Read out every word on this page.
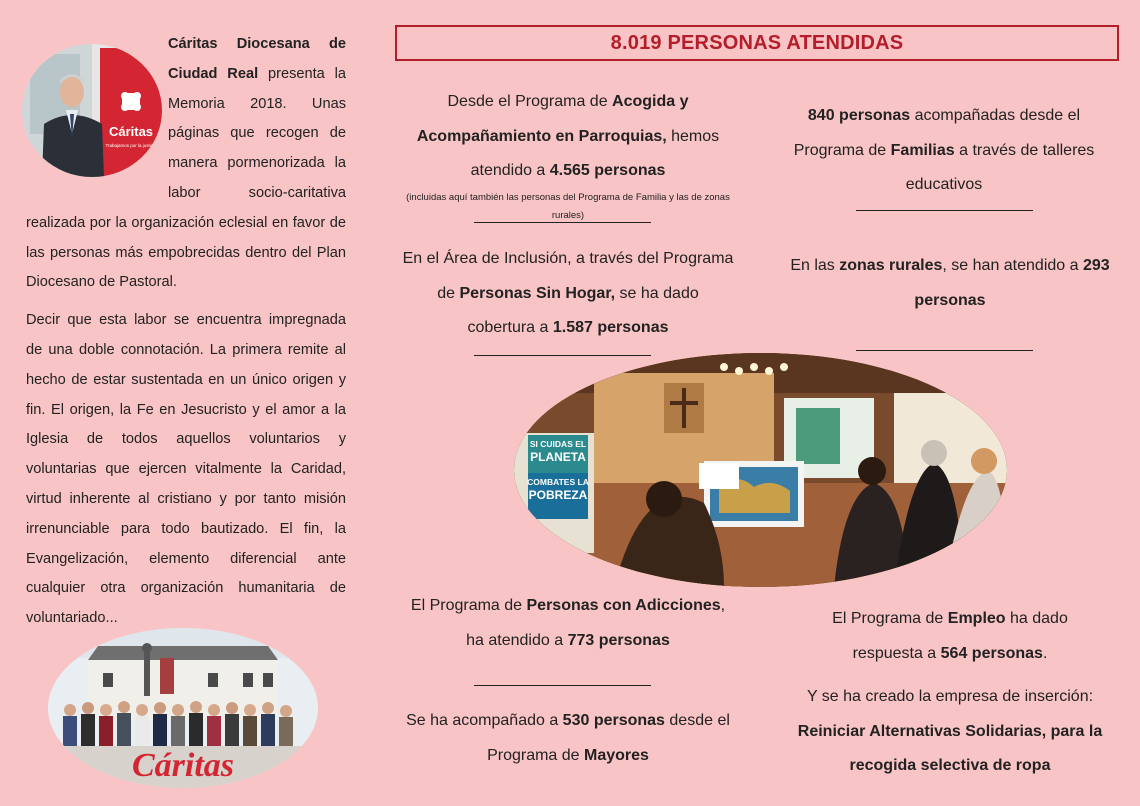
Cáritas
Trabajamos por la justicia

Cáritas Diocesana de Ciudad Real presenta la Memoria 2018. Unas páginas que recogen de manera pormenorizada la labor socio-caritativa realizada por la organización eclesial en favor de las personas más empobrecidas dentro del Plan Diocesano de Pastoral.

Decir que esta labor se encuentra impregnada de una doble connotación. La primera remite al hecho de estar sustentada en un único origen y fin. El origen, la Fe en Jesucristo y el amor a la Iglesia de todos aquellos voluntarios y voluntarias que ejercen vitalmente la Caridad, virtud inherente al cristiano y por tanto misión irrenunciable para todo bautizado. El fin, la Evangelización, elemento diferencial ante cualquier otra organización humanitaria de voluntariado...

Cáritas
8.019 PERSONAS ATENDIDAS
Desde el Programa de Acogida y Acompañamiento en Parroquias, hemos atendido a 4.565 personas
(incluidas aquí también las personas del Programa de Familia y las de zonas rurales)
En el Área de Inclusión, a través del Programa de Personas Sin Hogar, se ha dado cobertura a 1.587 personas
El Programa de Personas con Adicciones, ha atendido a 773 personas
Se ha acompañado a 530 personas desde el Programa de Mayores
840 personas acompañadas desde el Programa de Familias a través de talleres educativos
En las zonas rurales, se han atendido a 293 personas
El Programa de Empleo ha dado respuesta a 564 personas.
Y se ha creado la empresa de inserción: Reiniciar Alternativas Solidarias, para la recogida selectiva de ropa
SI CUIDAS EL
PLANETA
COMBATES LA
POBREZA
